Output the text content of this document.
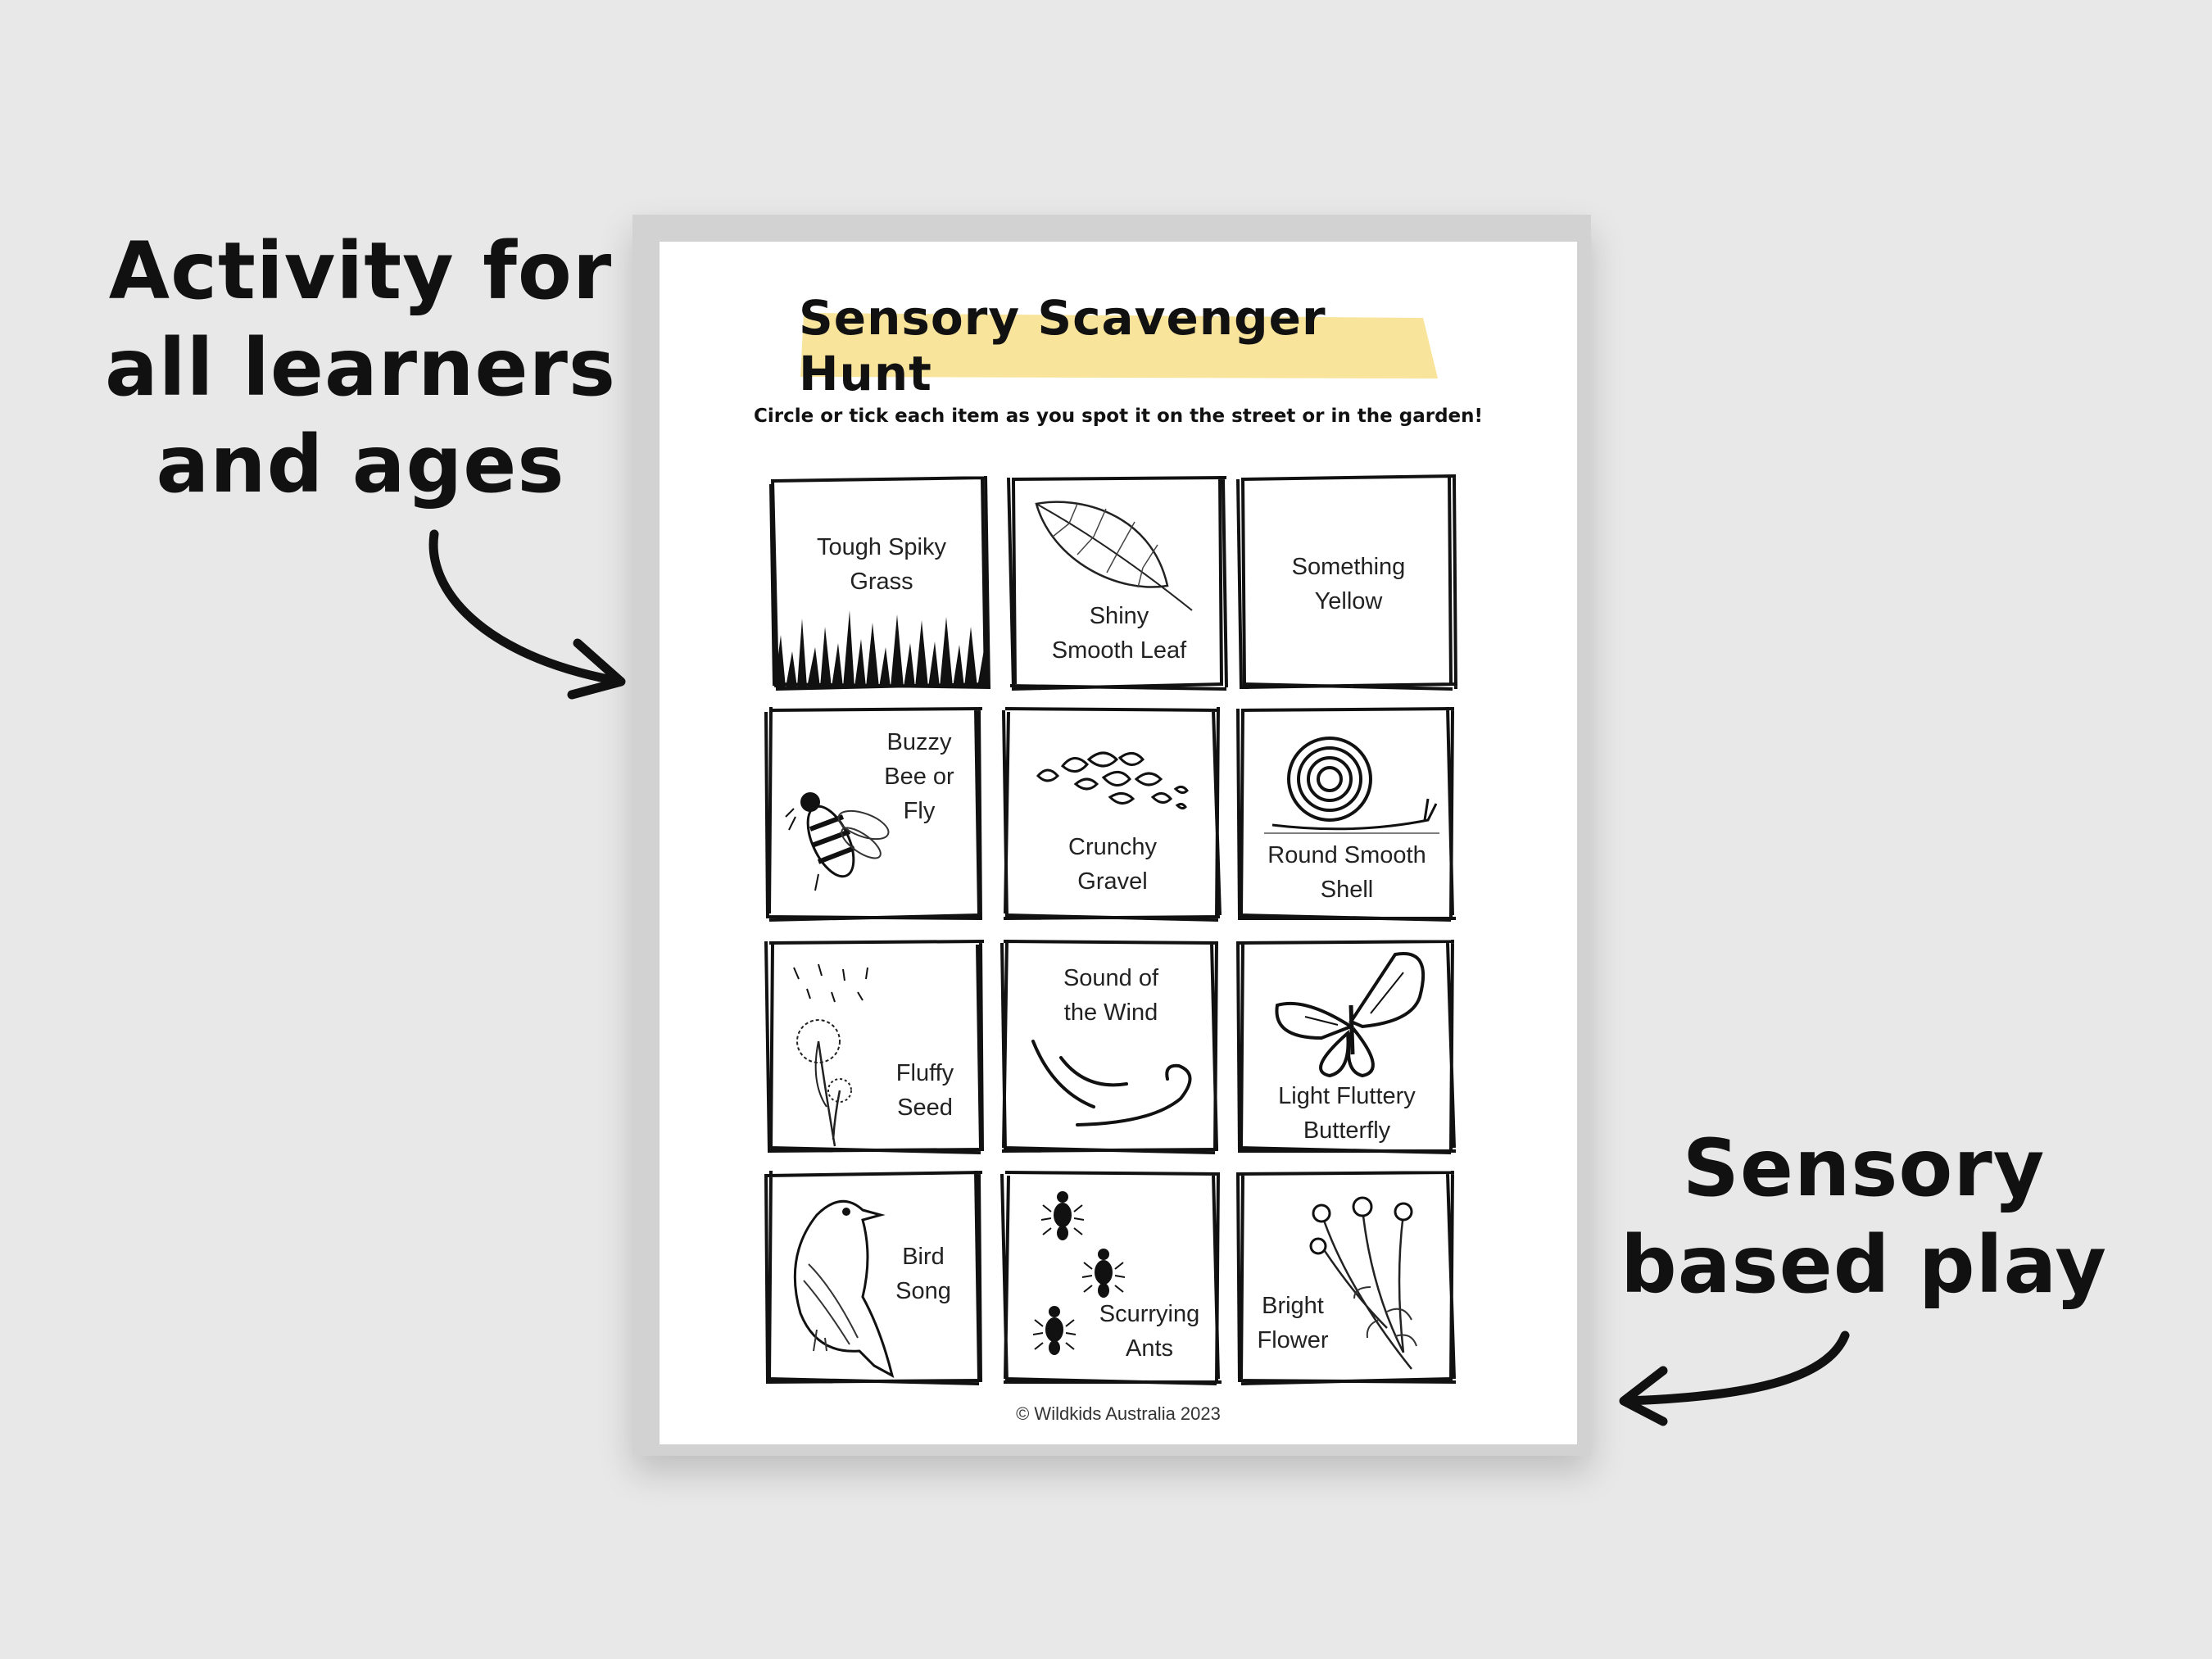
Activity for
all learners
and ages
Sensory
based play
Sensory Scavenger Hunt
Circle or tick each item as you spot it on the street or in the garden!
Tough Spiky
Grass
Shiny
Smooth Leaf
Something
Yellow
Buzzy
Bee or
Fly
Crunchy
Gravel
Round Smooth
Shell
Fluffy
Seed
Sound of
the Wind
Light Fluttery
Butterfly
Bird
Song
Scurrying
Ants
Bright
Flower
© Wildkids Australia 2023
